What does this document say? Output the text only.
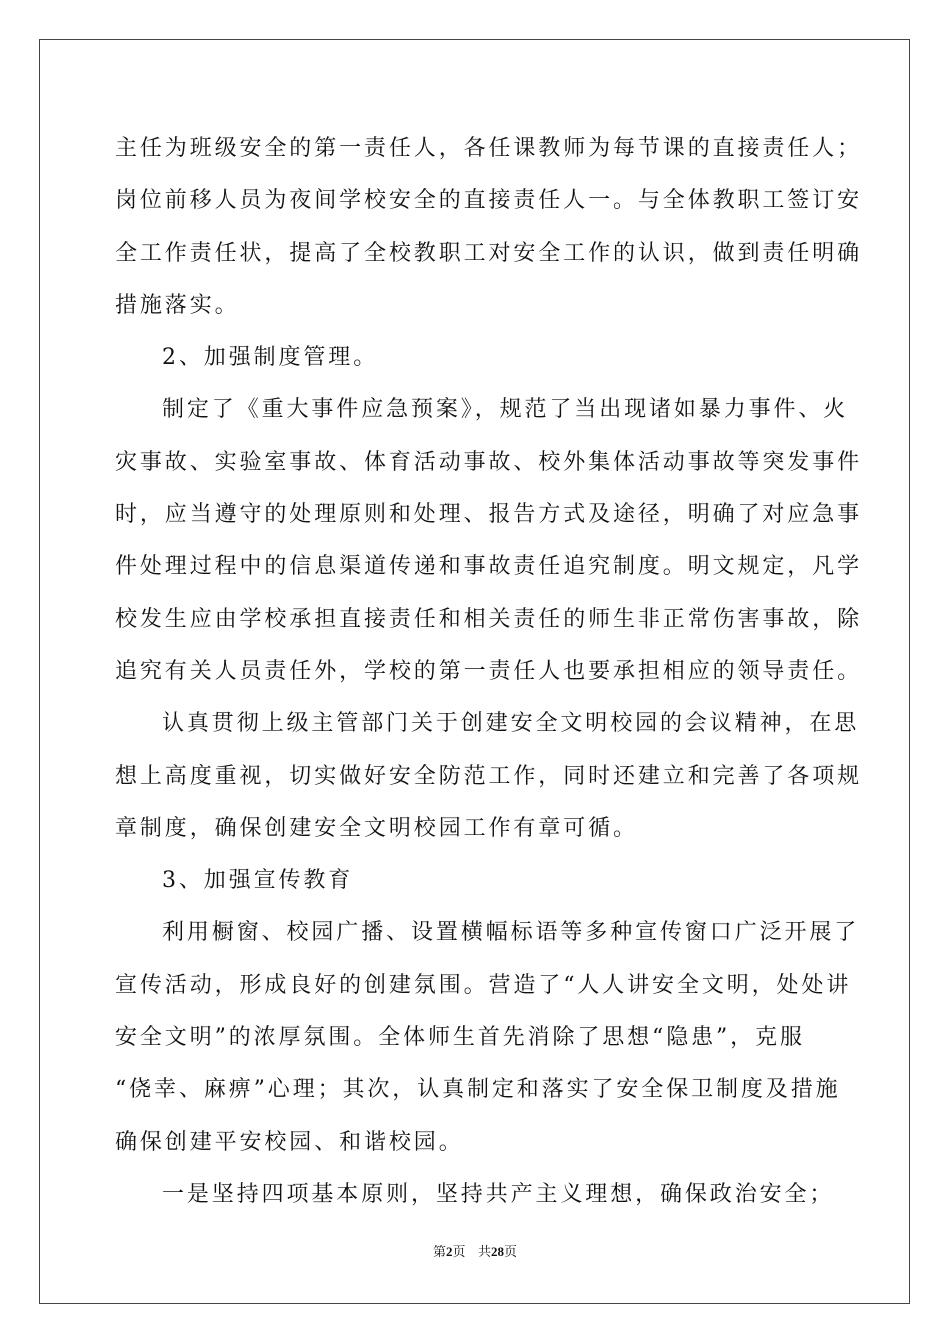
主任为班级安全的第一责任人，各任课教师为每节课的直接责任人；
岗位前移人员为夜间学校安全的直接责任人一。与全体教职工签订安
全工作责任状，提高了全校教职工对安全工作的认识，做到责任明确
措施落实。
2、加强制度管理。
制定了《重大事件应急预案》，规范了当出现诸如暴力事件、火
灾事故、实验室事故、体育活动事故、校外集体活动事故等突发事件
时，应当遵守的处理原则和处理、报告方式及途径，明确了对应急事
件处理过程中的信息渠道传递和事故责任追究制度。明文规定，凡学
校发生应由学校承担直接责任和相关责任的师生非正常伤害事故，除
追究有关人员责任外，学校的第一责任人也要承担相应的领导责任。
认真贯彻上级主管部门关于创建安全文明校园的会议精神，在思
想上高度重视，切实做好安全防范工作，同时还建立和完善了各项规
章制度，确保创建安全文明校园工作有章可循。
3、加强宣传教育
利用橱窗、校园广播、设置横幅标语等多种宣传窗口广泛开展了
宣传活动，形成良好的创建氛围。营造了“人人讲安全文明，处处讲
安全文明”的浓厚氛围。全体师生首先消除了思想“隐患”，克服
“侥幸、麻痹”心理；其次，认真制定和落实了安全保卫制度及措施
确保创建平安校园、和谐校园。
一是坚持四项基本原则，坚持共产主义理想，确保政治安全；
第2页 共28页
